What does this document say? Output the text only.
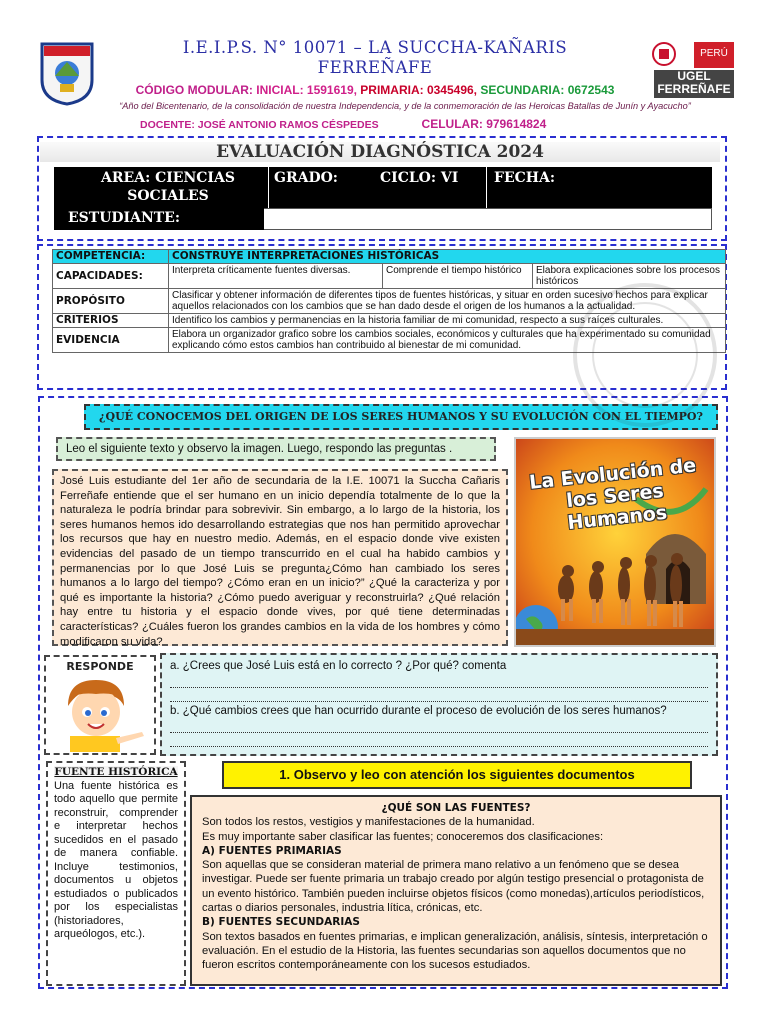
I.E.I.P.S. N° 10071 – LA SUCCHA-KAÑARIS
FERREÑAFE
PERÚ
UGEL
FERREÑAFE
CÓDIGO MODULAR: INICIAL: 1591619, PRIMARIA: 0345496, SECUNDARIA: 0672543
“Año del Bicentenario, de la consolidación de nuestra Independencia, y de la conmemoración de las Heroicas Batallas de Junín y Ayacucho”
DOCENTE: JOSÉ ANTONIO RAMOS CÉSPEDES	CELULAR: 979614824
EVALUACIÓN DIAGNÓSTICA 2024
AREA: CIENCIAS SOCIALES
GRADO:	CICLO: VI	FECHA:
ESTUDIANTE:
COMPETENCIA:	CONSTRUYE INTERPRETACIONES HISTÓRICAS		
CAPACIDADES:	Interpreta críticamente fuentes diversas.	Comprende el tiempo histórico	Elabora explicaciones sobre los procesos históricos
PROPÓSITO	Clasificar y obtener información de diferentes tipos de fuentes históricas, y situar en orden sucesivo hechos para explicar aquellos relacionados con los cambios que se han dado desde el origen de los humanos a la actualidad.		
CRITERIOS	Identifico los cambios y permanencias en la historia familiar de mi comunidad, respecto a sus raíces culturales.		
EVIDENCIA	Elabora un organizador grafico sobre los cambios sociales, económicos y culturales que ha experimentado su comunidad explicando cómo estos cambios han contribuido al bienestar de mi comunidad.		
¿QUÉ CONOCEMOS DEL ORIGEN DE LOS SERES HUMANOS Y SU EVOLUCIÓN CON EL TIEMPO?
Leo el siguiente texto y observo la imagen. Luego, respondo las preguntas .
José Luis estudiante del 1er año de secundaria de la I.E. 10071 la Succha Cañaris Ferreñafe entiende que el ser humano en un inicio dependía totalmente de lo que la naturaleza le podría brindar para sobrevivir. Sin embargo, a lo largo de la historia, los seres humanos hemos ido desarrollando estrategias que nos han permitido aprovechar los recursos que hay en nuestro medio. Además, en el espacio donde vive existen evidencias del pasado de un tiempo transcurrido en el cual ha habido cambios y permanencias por lo que José Luis se pregunta¿Cómo han cambiado los seres humanos a lo largo del tiempo? ¿Cómo eran en un inicio?” ¿Qué la caracteriza y por qué es importante la historia? ¿Cómo puedo averiguar y reconstruirla? ¿Qué relación hay entre tu historia y el espacio donde vives, por qué tiene determinadas características? ¿Cuáles fueron los grandes cambios en la vida de los hombres y cómo modificaron su vida?
La Evolución de los Seres Humanos
RESPONDE	a. ¿Crees que José Luis está en lo correcto ? ¿Por qué? comenta
b. ¿Qué cambios crees que han ocurrido durante el proceso de evolución de los seres humanos?
FUENTE HISTÓRICA
Una fuente histórica es todo aquello que permite reconstruir, comprender e interpretar hechos sucedidos en el pasado de manera confiable. Incluye testimonios, documentos u objetos estudiados o publicados por los especialistas (historiadores, arqueólogos, etc.).
1. Observo y leo con atención los siguientes documentos
¿QUÉ SON LAS FUENTES?
Son todos los restos, vestigios y manifestaciones de la humanidad.
Es muy importante saber clasificar las fuentes; conoceremos dos clasificaciones:
A) FUENTES PRIMARIAS
Son aquellas que se consideran material de primera mano relativo a un fenómeno que se desea investigar. Puede ser fuente primaria un trabajo creado por algún testigo presencial o protagonista de un evento histórico. También pueden incluirse objetos físicos (como monedas),artículos periodísticos, cartas o diarios personales, industria lítica, crónicas, etc.
B) FUENTES SECUNDARIAS
Son textos basados en fuentes primarias, e implican generalización, análisis, síntesis, interpretación o evaluación. En el estudio de la Historia, las fuentes secundarias son aquellos documentos que no fueron escritos contemporáneamente con los sucesos estudiados.
